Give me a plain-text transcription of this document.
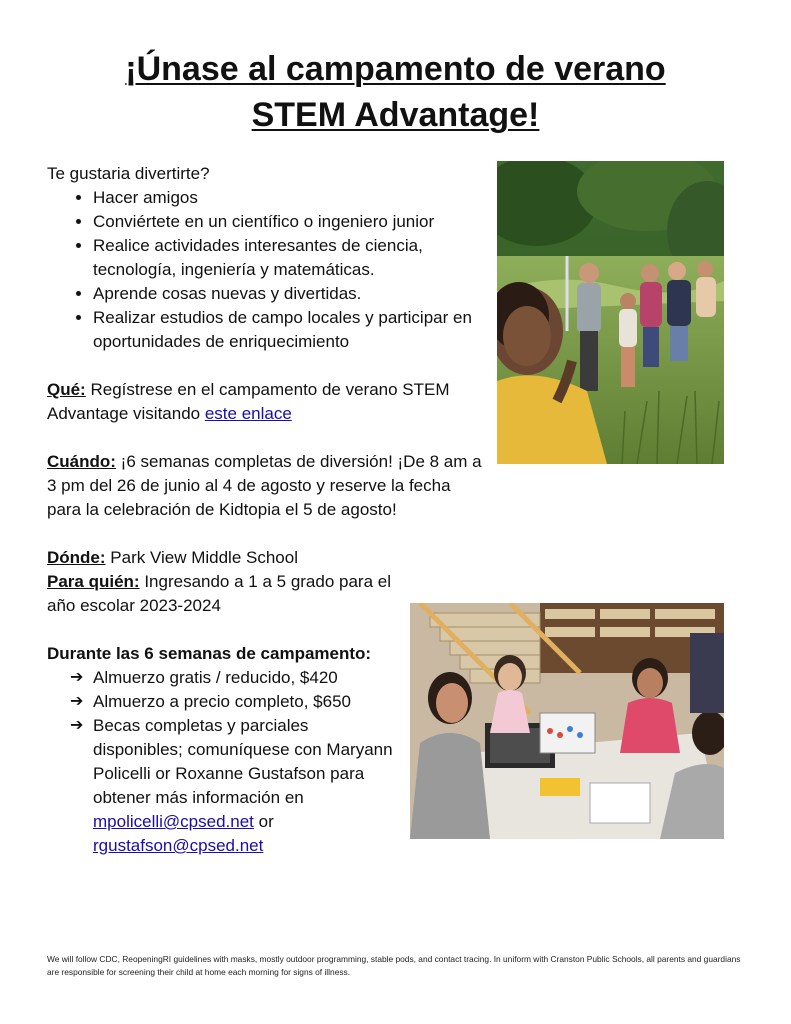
¡Únase al campamento de verano
STEM Advantage!

Te gustaria divertirte?

• Hacer amigos
• Conviértete en un científico o ingeniero junior
• Realice actividades interesantes de ciencia, tecnología, ingeniería y matemáticas.
• Aprende cosas nuevas y divertidas.
• Realizar estudios de campo locales y participar en oportunidades de enriquecimiento

Qué: Regístrese en el campamento de verano STEM Advantage visitando este enlace

Cuándo: ¡6 semanas completas de diversión! ¡De 8 am a 3 pm del 26 de junio al 4 de agosto y reserve la fecha para la celebración de Kidtopia el 5 de agosto!

Dónde: Park View Middle School

Para quién: Ingresando a 1 a 5 grado para el año escolar 2023-2024

Durante las 6 semanas de campamento:

➔ Almuerzo gratis / reducido, $420
➔ Almuerzo a precio completo, $650
➔ Becas completas y parciales disponibles; comuníquese con Maryann Policelli or Roxanne Gustafson para obtener más información en mpolicelli@cpsed.net or rgustafson@cpsed.net
We will follow CDC, ReopeningRI guidelines with masks, mostly outdoor programming, stable pods, and contact tracing. In uniform with Cranston Public Schools, all parents and guardians are responsible for screening their child at home each morning for signs of illness.
